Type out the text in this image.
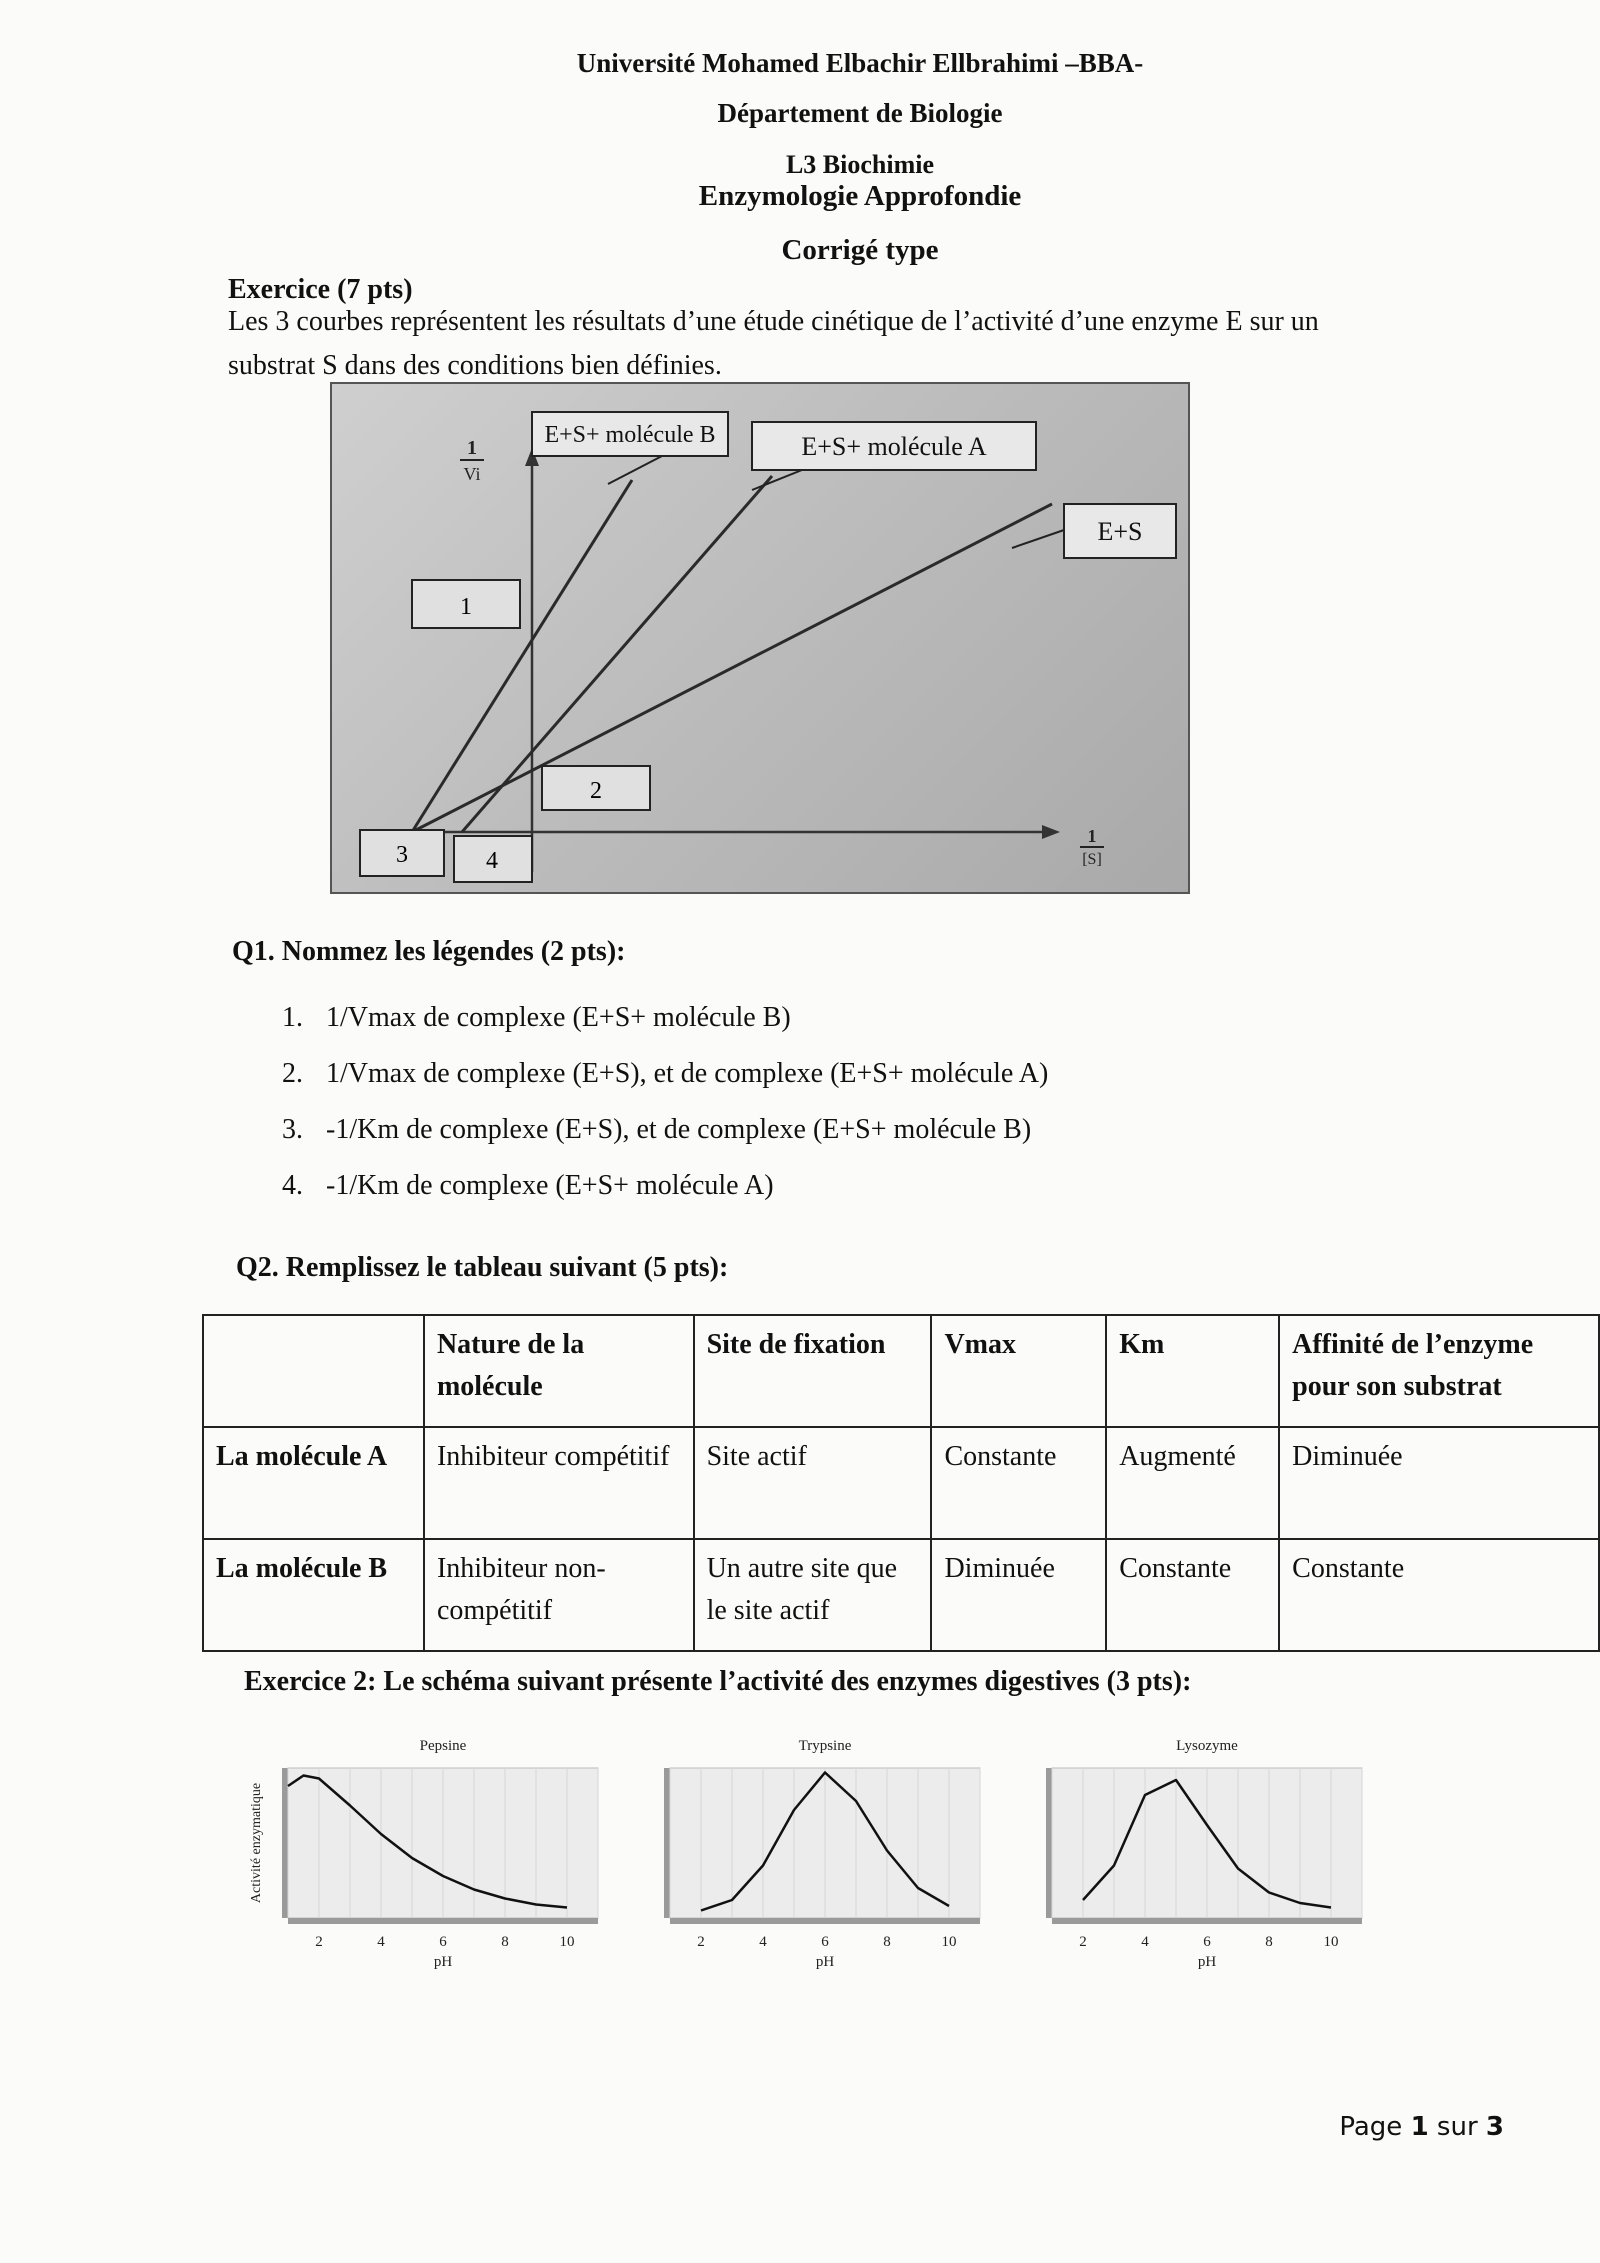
Université Mohamed Elbachir Ellbrahimi –BBA-
Département de Biologie
L3 Biochimie
Enzymologie Approfondie
Corrigé type
Exercice (7 pts)
Les 3 courbes représentent les résultats d’une étude cinétique de l’activité d’une enzyme E sur un
substrat S dans des conditions bien définies.
1
Vi
1
[S]
E+S+ molécule B	E+S+ molécule A
E+S
1
2
3	4
Q1. Nommez les légendes (2 pts):
1. 1/Vmax de complexe (E+S+ molécule B)
2. 1/Vmax de complexe (E+S), et de complexe (E+S+ molécule A)
3. -1/Km de complexe (E+S), et de complexe (E+S+ molécule B)
4. -1/Km de complexe (E+S+ molécule A)
Q2. Remplissez le tableau suivant (5 pts):
	Nature de la molécule	Site de fixation	Vmax	Km	Affinité de l’enzyme pour son substrat
La molécule A	Inhibiteur compétitif	Site actif	Constante	Augmenté	Diminuée
La molécule B	Inhibiteur non-compétitif	Un autre site que le site actif	Diminuée	Constante	Constante
Exercice 2: Le schéma suivant présente l’activité des enzymes digestives (3 pts):
Pepsine
2	4	6	8	10
pH
Activité enzymatique
Trypsine
2	4	6	8	10
pH
Lysozyme
2	4	6	8	10
pH
Page 1 sur 3
